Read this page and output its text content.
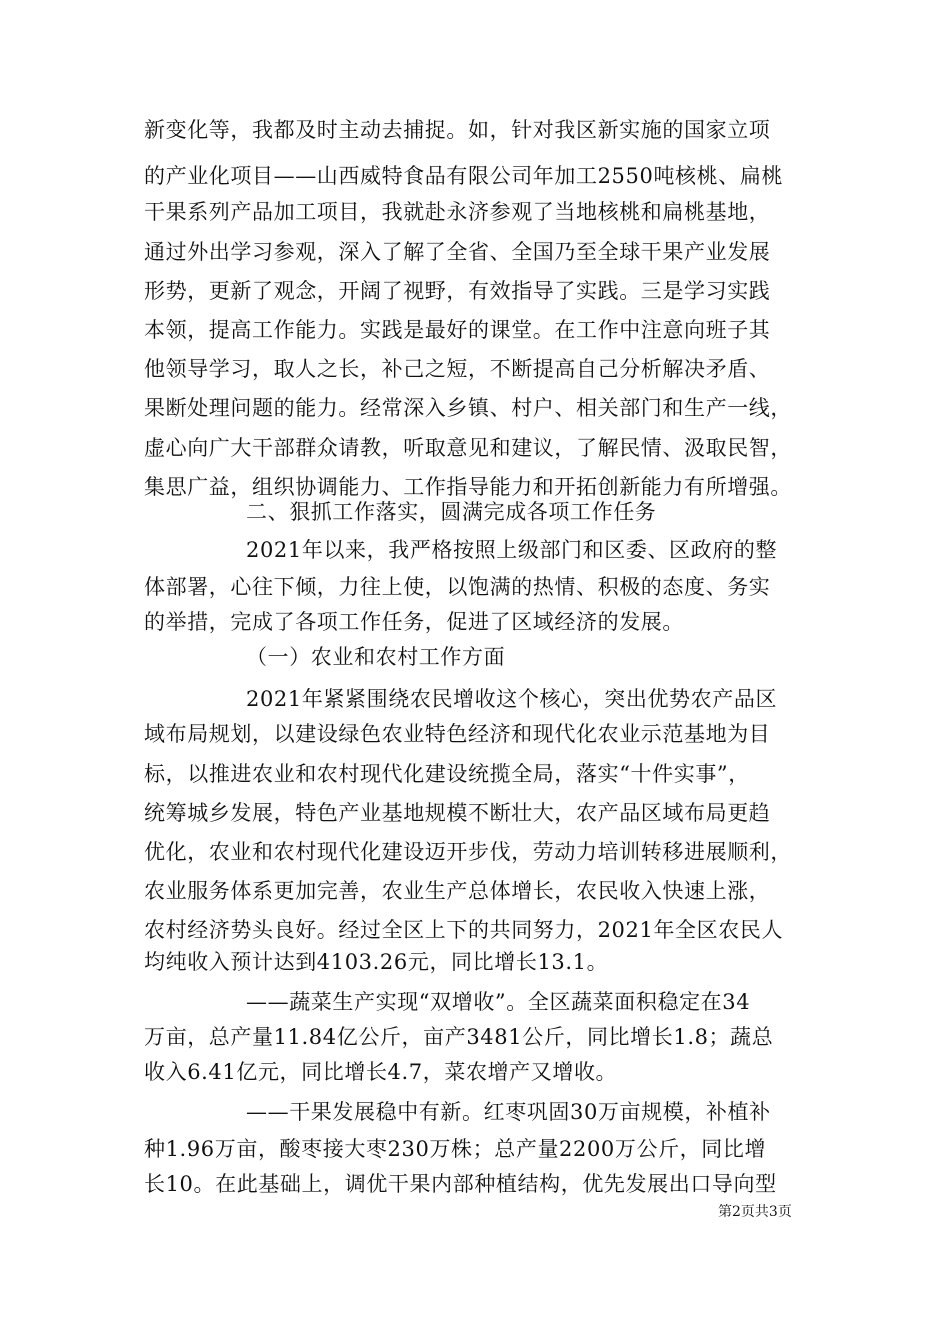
新变化等，我都及时主动去捕捉。如，针对我区新实施的国家立项
的产业化项目——山西威特食品有限公司年加工2550吨核桃、扁桃
干果系列产品加工项目，我就赴永济参观了当地核桃和扁桃基地，
通过外出学习参观，深入了解了全省、全国乃至全球干果产业发展
形势，更新了观念，开阔了视野，有效指导了实践。三是学习实践
本领，提高工作能力。实践是最好的课堂。在工作中注意向班子其
他领导学习，取人之长，补己之短，不断提高自己分析解决矛盾、
果断处理问题的能力。经常深入乡镇、村户、相关部门和生产一线，
虚心向广大干部群众请教，听取意见和建议，了解民情、汲取民智，
集思广益，组织协调能力、工作指导能力和开拓创新能力有所增强。
二、狠抓工作落实，圆满完成各项工作任务
2021年以来，我严格按照上级部门和区委、区政府的整
体部署，心往下倾，力往上使，以饱满的热情、积极的态度、务实
的举措，完成了各项工作任务，促进了区域经济的发展。
（一）农业和农村工作方面
2021年紧紧围绕农民增收这个核心，突出优势农产品区
域布局规划，以建设绿色农业特色经济和现代化农业示范基地为目
标，以推进农业和农村现代化建设统揽全局，落实“十件实事”，
统筹城乡发展，特色产业基地规模不断壮大，农产品区域布局更趋
优化，农业和农村现代化建设迈开步伐，劳动力培训转移进展顺利，
农业服务体系更加完善，农业生产总体增长，农民收入快速上涨，
农村经济势头良好。经过全区上下的共同努力，2021年全区农民人
均纯收入预计达到4103.26元，同比增长13.1。
——蔬菜生产实现“双增收”。全区蔬菜面积稳定在34
万亩，总产量11.84亿公斤，亩产3481公斤，同比增长1.8；蔬总
收入6.41亿元，同比增长4.7，菜农增产又增收。
——干果发展稳中有新。红枣巩固30万亩规模，补植补
种1.96万亩，酸枣接大枣230万株；总产量2200万公斤，同比增
长10。在此基础上，调优干果内部种植结构，优先发展出口导向型
第2页共3页
